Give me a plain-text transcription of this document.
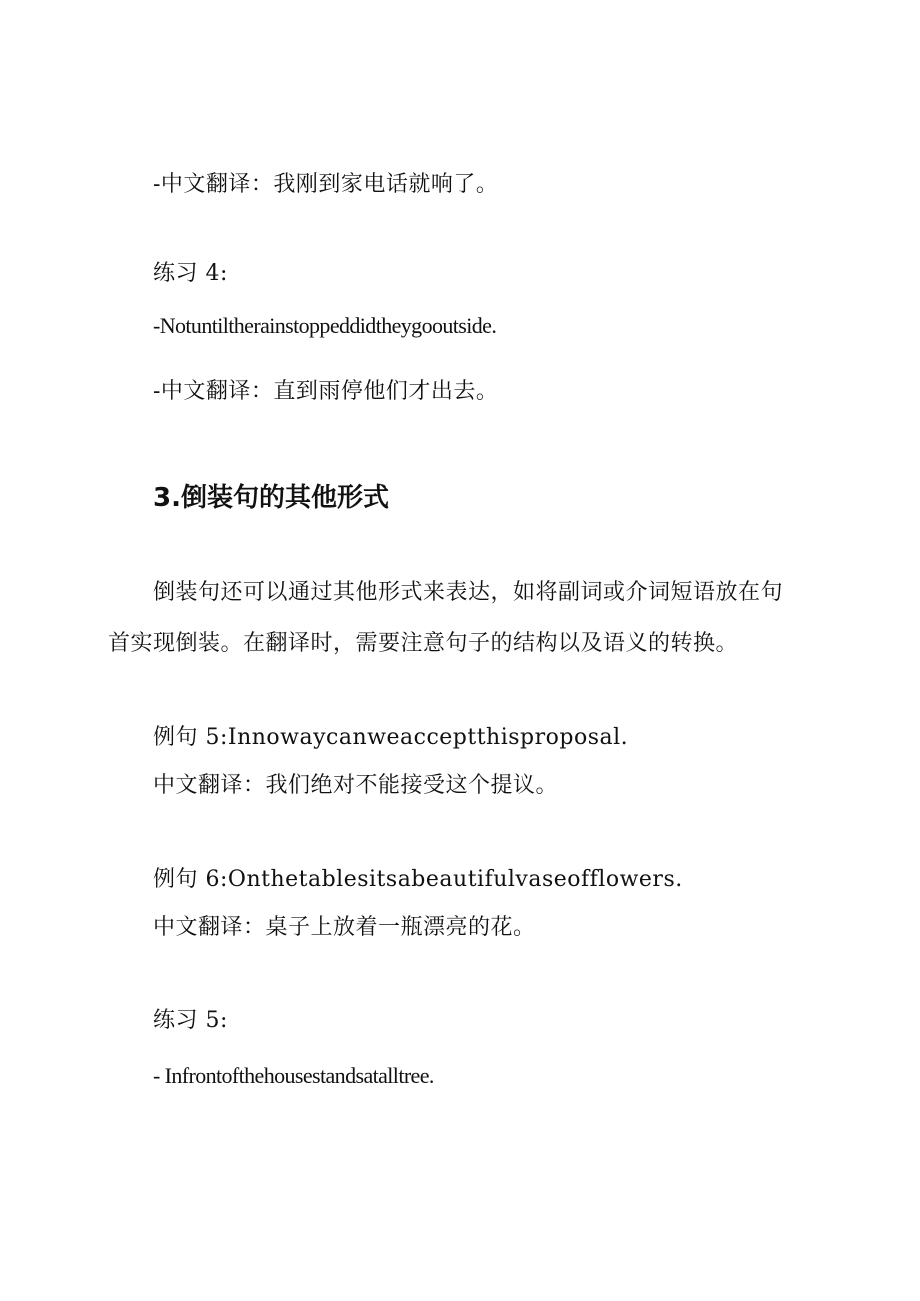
-中文翻译：我刚到家电话就响了。
练习 4:
-Notuntiltherainstoppeddidtheygooutside.
-中文翻译：直到雨停他们才出去。
3.倒装句的其他形式
倒装句还可以通过其他形式来表达，如将副词或介词短语放在句
首实现倒装。在翻译时，需要注意句子的结构以及语义的转换。
例句 5:Innowaycanweacceptthisproposal.
中文翻译：我们绝对不能接受这个提议。
例句 6:Onthetablesitsabeautifulvaseofflowers.
中文翻译：桌子上放着一瓶漂亮的花。
练习 5:
- Infrontofthehousestandsatalltree.
